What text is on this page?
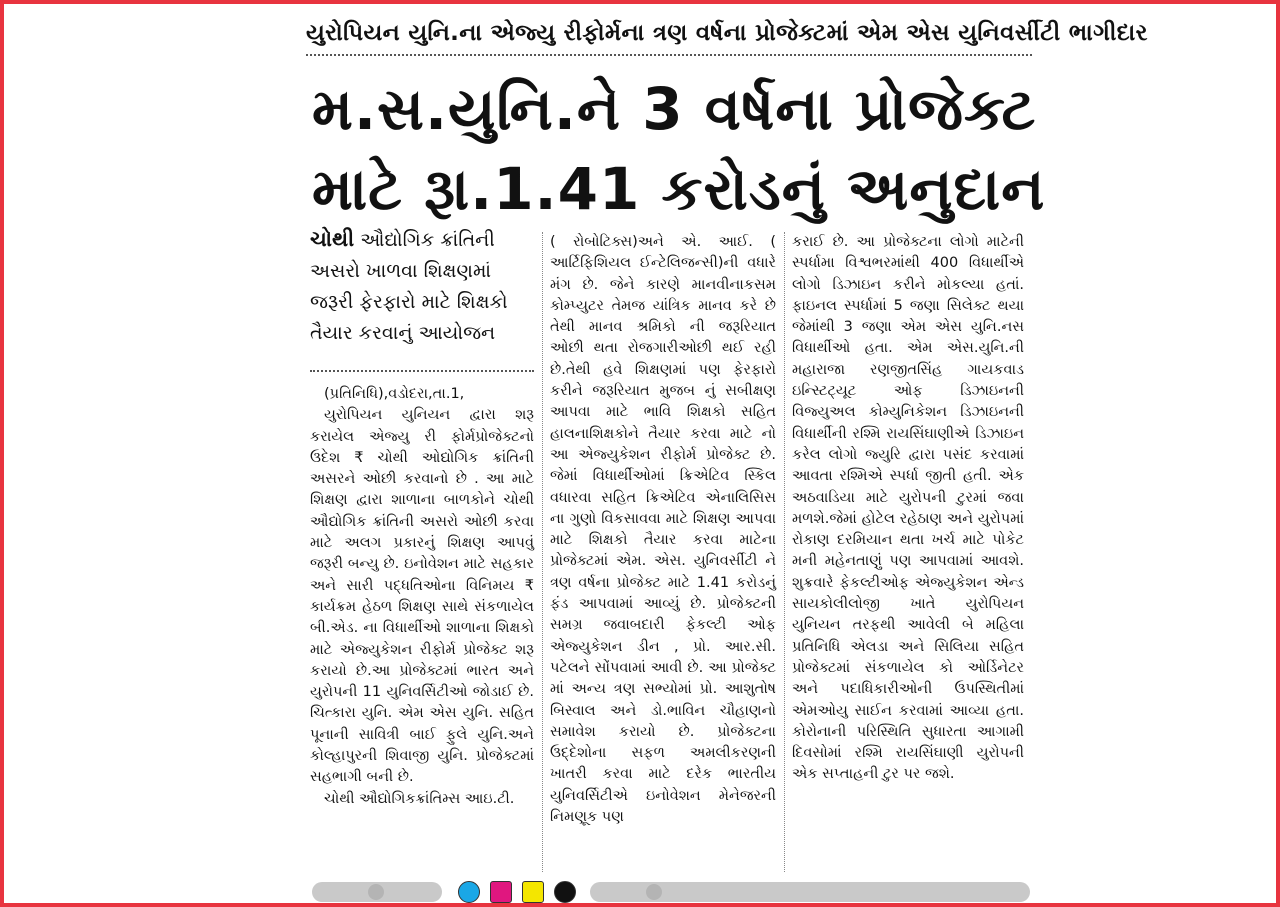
યુરોપિયન યુનિ.ના એજ્યુ રીફોર્મના ત્રણ વર્ષના પ્રોજેક્ટમાં એમ એસ યુનિવર્સીટી ભાગીદાર
મ.સ.યુનિ.ને 3 વર્ષના પ્રોજેક્ટ
માટે રૂા.1.41 કરોડનું અનુદાન
ચોથી ઔદ્યોગિક ક્રાંતિની અસરો ખાળવા શિક્ષણમાં જરૂરી ફેરફારો માટે શિક્ષકો તૈયાર કરવાનું આયોજન

(પ્રતિનિધિ),વડોદરા,તા.1,

યુરોપિયન યુનિયન દ્વારા શરૂ કરાયેલ એજ્યુ રી ફોર્મપ્રોજેક્ટનો ઉદેશ ₹ ચોથી ઓદ્યોગિક ક્રાંતિની અસરને ઓછી કરવાનો છે . આ માટે શિક્ષણ દ્વારા શાળાના બાળકોને ચોથી ઔદ્યોગિક ક્રાંતિની અસરો ઓછી કરવા માટે અલગ પ્રકારનું શિક્ષણ આપવું જરૂરી બન્યુ છે. ઇનોવેશન માટે સહકાર અને સારી પદ્ધતિઓના વિનિમય ₹ કાર્યક્રમ હેઠળ શિક્ષણ સાથે સંકળાયેલ બી.એડ. ના વિધાર્થીઓ શાળાના શિક્ષકો માટે એજ્યુકેશન રીફોર્મ પ્રોજેક્ટ શરૂ કરાયો છે.આ પ્રોજેક્ટમાં ભારત અને યુરોપની 11 યુનિવર્સિટીઓ જોડાઈ છે. ચિત્કારા યુનિ. એમ એસ યુનિ. સહિત પૂનાની સાવિત્રી બાઈ ફુલે યુનિ.અને કોલ્હાપુરની શિવાજી યુનિ. પ્રોજેક્ટમાં સહભાગી બની છે.

ચોથી ઔદ્યોગિકક્રાંતિમ્સ આઇ.ટી.

( રોબોટિક્સ)અને એ. આઈ. ( આર્ટિફિશિયલ ઈન્ટેલિજન્સી)ની વધારે મંગ છે. જેને કારણે માનવીનાકસમ કોમ્પ્યુટર તેમજ યાંત્રિક માનવ કરે છે તેથી માનવ શ્રમિકો ની જરૂરિયાત ઓછી થતા રોજગારીઓછી થઈ રહી છે.તેથી હવે શિક્ષણમાં પણ ફેરફારો કરીને જરૂરિયાત મુજબ નું સબીક્ષણ આપવા માટે ભાવિ શિક્ષકો સહિત હાલનાશિક્ષકોને તૈયાર કરવા માટે નો આ એજ્યુકેશન રીફોર્મ પ્રોજેક્ટ છે. જેમાં વિધાર્થીઓમાં ક્રિએટિવ સ્કિલ વધારવા સહિત ક્રિએટિવ એનાલિસિસ ના ગુણો વિકસાવવા માટે શિક્ષણ આપવા માટે શિક્ષકો તૈયાર કરવા માટેના પ્રોજેક્ટમાં એમ. એસ. યુનિવર્સીટી ને ત્રણ વર્ષના પ્રોજેક્ટ માટે 1.41 કરોડનું ફંડ આપવામાં આવ્યું છે. પ્રોજેક્ટની સમગ્ર જવાબદારી ફેકલ્ટી ઓફ એજ્યુકેશન ડીન , પ્રો. આર.સી. પટેલને સોંપવામાં આવી છે. આ પ્રોજેક્ટ માં અન્ય ત્રણ સભ્યોમાં પ્રો. આશુતોષ બિસ્વાલ અને ડો.ભાવિન ચૌહાણનો સમાવેશ કરાયો છે. પ્રોજેક્ટના ઉદ્દેશોના સફળ અમલીકરણની ખાતરી કરવા માટે દરેક ભારતીય યુનિવર્સિટીએ ઇનોવેશન મેનેજરની નિમણૂક પણ

કરાઈ છે. આ પ્રોજેક્ટના લોગો માટેની સ્પર્ધામા વિશ્વભરમાંથી 400 વિધાર્થીએ લોગો ડિઝાઇન કરીને મોકલ્યા હતાં. ફાઇનલ સ્પર્ધામાં 5 જણા સિલેક્ટ થયા જેમાંથી 3 જણા એમ એસ યુનિ.નસ વિધાર્થીઓ હતા. એમ એસ.યુનિ.ની મહારાજા રણજીતસિંહ ગાયકવાડ ઇન્સ્ટિટ્યૂટ ઓફ ડિઝાઇનની વિજ્યુઅલ કોમ્યુનિકેશન ડિઝાઇનની વિધાર્થીની રશ્મિ રાયસિંઘાણીએ ડિઝાઇન કરેલ લોગો જ્યુરિ દ્વારા પસંદ કરવામાં આવતા રશ્મિએ સ્પર્ધા જીતી હતી. એક અઠવાડિયા માટે યુરોપની ટુરમાં જવા મળશે.જેમાં હોટેલ રહેઠાણ અને યુરોપમાં રોકાણ દરમિયાન થતા ખર્ચ માટે પોકેટ મની મહેનતાણું પણ આપવામાં આવશે. શુક્રવારે ફેકલ્ટીઓફ એજ્યુકેશન એન્ડ સાયકોલીલોજી ખાતે યુરોપિયન યુનિયન તરફથી આવેલી બે મહિલા પ્રતિનિધિ એલડા અને સિલિયા સહિત પ્રોજેક્ટમાં સંકળાયેલ કો ઓર્ડિનેટર અને પદાધિકારીઓની ઉપસ્થિતીમાં એમઓયુ સાઈન કરવામાં આવ્યા હતા. કોરોનાની પરિસ્થિતિ સુધારતા આગામી દિવસોમાં રશ્મિ રાયસિંઘાણી યુરોપની એક સપ્તાહની ટુર પર જશે.
